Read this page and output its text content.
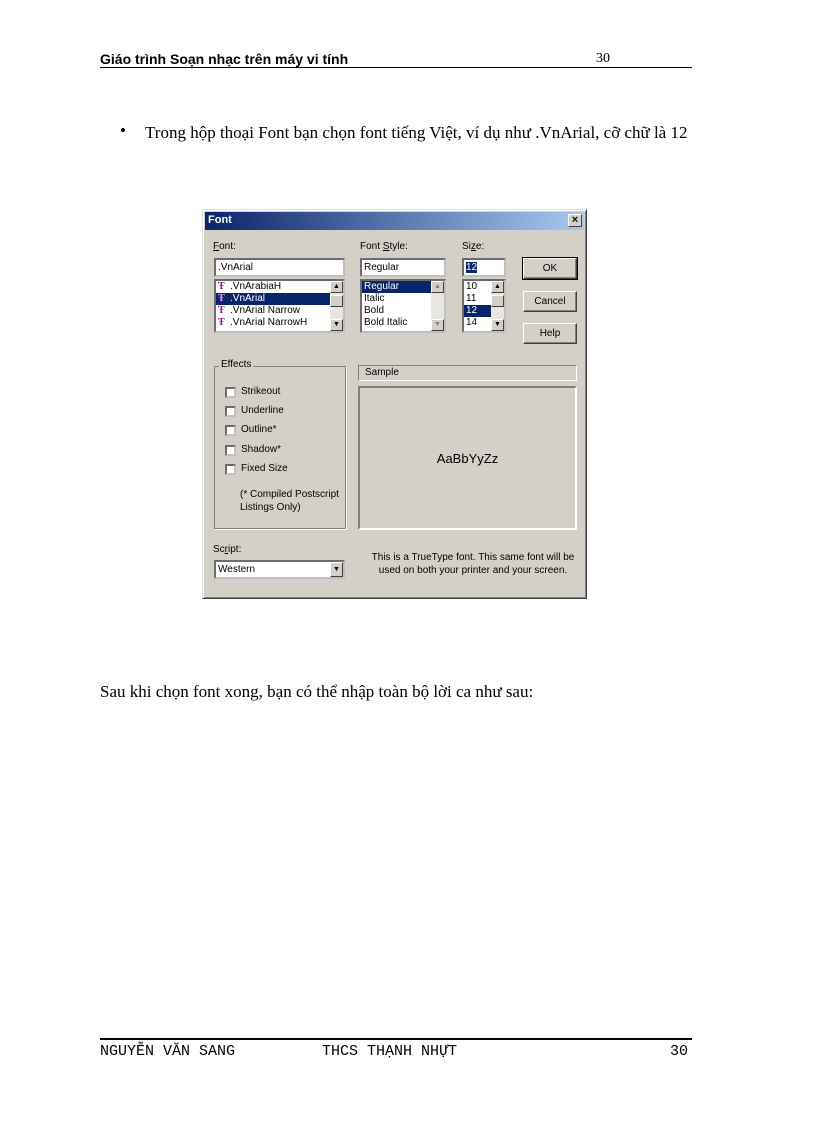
Giáo trình Soạn nhạc trên máy vi tính	30
• Trong hộp thoại Font bạn chọn font tiếng Việt, ví dụ như .VnArial, cỡ chữ là 12
Font	×
Font:
.VnArial
Ŧ .VnArabiaH
Ŧ .VnArial
Ŧ .VnArial Narrow
Ŧ .VnArial NarrowH
▲
▼
Font Style:
Regular
Regular
Italic
Bold
Bold Italic
▲
▼
Size:
12
10
11
12
14
▲
▼
OK
Cancel
Help
Effects
Strikeout
Underline
Outline*
Shadow*
Fixed Size
(* Compiled Postscript
Listings Only)
Sample
AaBbYyZz
Script:
Western	▼
This is a TrueType font. This same font will be
used on both your printer and your screen.
Sau khi chọn font xong, bạn có thể nhập toàn bộ lời ca như sau:
NGUYỄN VĂN SANG	THCS THẠNH NHỰT	30
